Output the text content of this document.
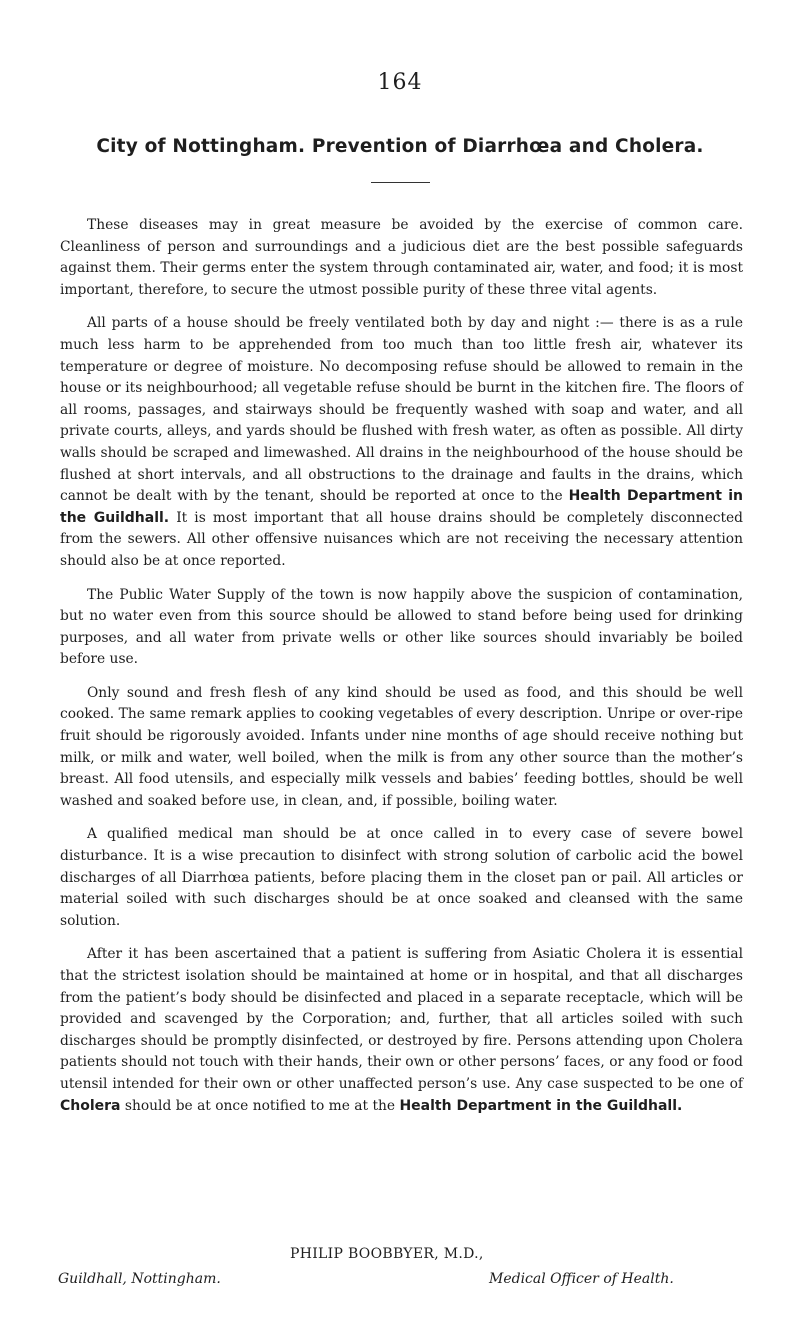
164
City of Nottingham. Prevention of Diarrhœa and Cholera.

These diseases may in great measure be avoided by the exercise of common care. Cleanliness of person and surroundings and a judicious diet are the best possible safeguards against them. Their germs enter the system through contaminated air, water, and food; it is most important, therefore, to secure the utmost possible purity of these three vital agents.

All parts of a house should be freely ventilated both by day and night :— there is as a rule much less harm to be apprehended from too much than too little fresh air, whatever its temperature or degree of moisture. No decomposing refuse should be allowed to remain in the house or its neighbourhood; all vegetable refuse should be burnt in the kitchen fire. The floors of all rooms, passages, and stairways should be frequently washed with soap and water, and all private courts, alleys, and yards should be flushed with fresh water, as often as possible. All dirty walls should be scraped and limewashed. All drains in the neighbourhood of the house should be flushed at short intervals, and all obstructions to the drainage and faults in the drains, which cannot be dealt with by the tenant, should be reported at once to the Health Department in the Guildhall. It is most important that all house drains should be completely disconnected from the sewers. All other offensive nuisances which are not receiving the necessary attention should also be at once reported.

The Public Water Supply of the town is now happily above the suspicion of contamination, but no water even from this source should be allowed to stand before being used for drinking purposes, and all water from private wells or other like sources should invariably be boiled before use.

Only sound and fresh flesh of any kind should be used as food, and this should be well cooked. The same remark applies to cooking vegetables of every description. Unripe or over-ripe fruit should be rigorously avoided. Infants under nine months of age should receive nothing but milk, or milk and water, well boiled, when the milk is from any other source than the mother’s breast. All food utensils, and especially milk vessels and babies’ feeding bottles, should be well washed and soaked before use, in clean, and, if possible, boiling water.

A qualified medical man should be at once called in to every case of severe bowel disturbance. It is a wise precaution to disinfect with strong solution of carbolic acid the bowel discharges of all Diarrhœa patients, before placing them in the closet pan or pail. All articles or material soiled with such discharges should be at once soaked and cleansed with the same solution.

After it has been ascertained that a patient is suffering from Asiatic Cholera it is essential that the strictest isolation should be maintained at home or in hospital, and that all discharges from the patient’s body should be disinfected and placed in a separate receptacle, which will be provided and scavenged by the Corporation; and, further, that all articles soiled with such discharges should be promptly disinfected, or destroyed by fire. Persons attending upon Cholera patients should not touch with their hands, their own or other persons’ faces, or any food or food utensil intended for their own or other unaffected person’s use. Any case suspected to be one of Cholera should be at once notified to me at the Health Department in the Guildhall.

PHILIP BOOBBYER, M.D.,
Guildhall, Nottingham.	Medical Officer of Health.
